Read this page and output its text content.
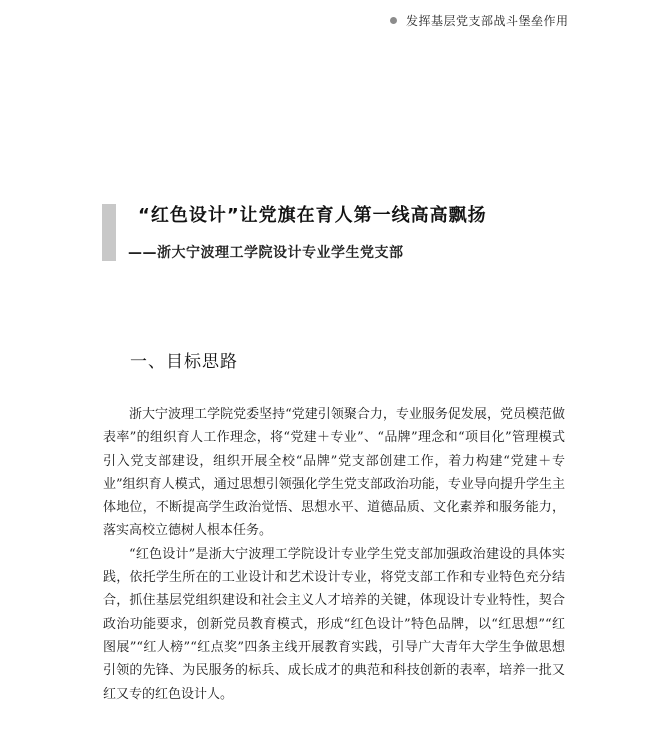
发挥基层党支部战斗堡垒作用
“红色设计”让党旗在育人第一线高高飘扬
——浙大宁波理工学院设计专业学生党支部
一、目标思路

浙大宁波理工学院党委坚持“党建引领聚合力，专业服务促发展，党员模范做表率”的组织育人工作理念，将“党建＋专业”、“品牌”理念和“项目化”管理模式引入党支部建设，组织开展全校“品牌”党支部创建工作，着力构建“党建＋专业”组织育人模式，通过思想引领强化学生党支部政治功能，专业导向提升学生主体地位，不断提高学生政治觉悟、思想水平、道德品质、文化素养和服务能力，落实高校立德树人根本任务。

“红色设计”是浙大宁波理工学院设计专业学生党支部加强政治建设的具体实践，依托学生所在的工业设计和艺术设计专业，将党支部工作和专业特色充分结合，抓住基层党组织建设和社会主义人才培养的关键，体现设计专业特性，契合政治功能要求，创新党员教育模式，形成“红色设计”特色品牌，以“红思想”“红图展”“红人榜”“红点奖”四条主线开展教育实践，引导广大青年大学生争做思想引领的先锋、为民服务的标兵、成长成才的典范和科技创新的表率，培养一批又红又专的红色设计人。
